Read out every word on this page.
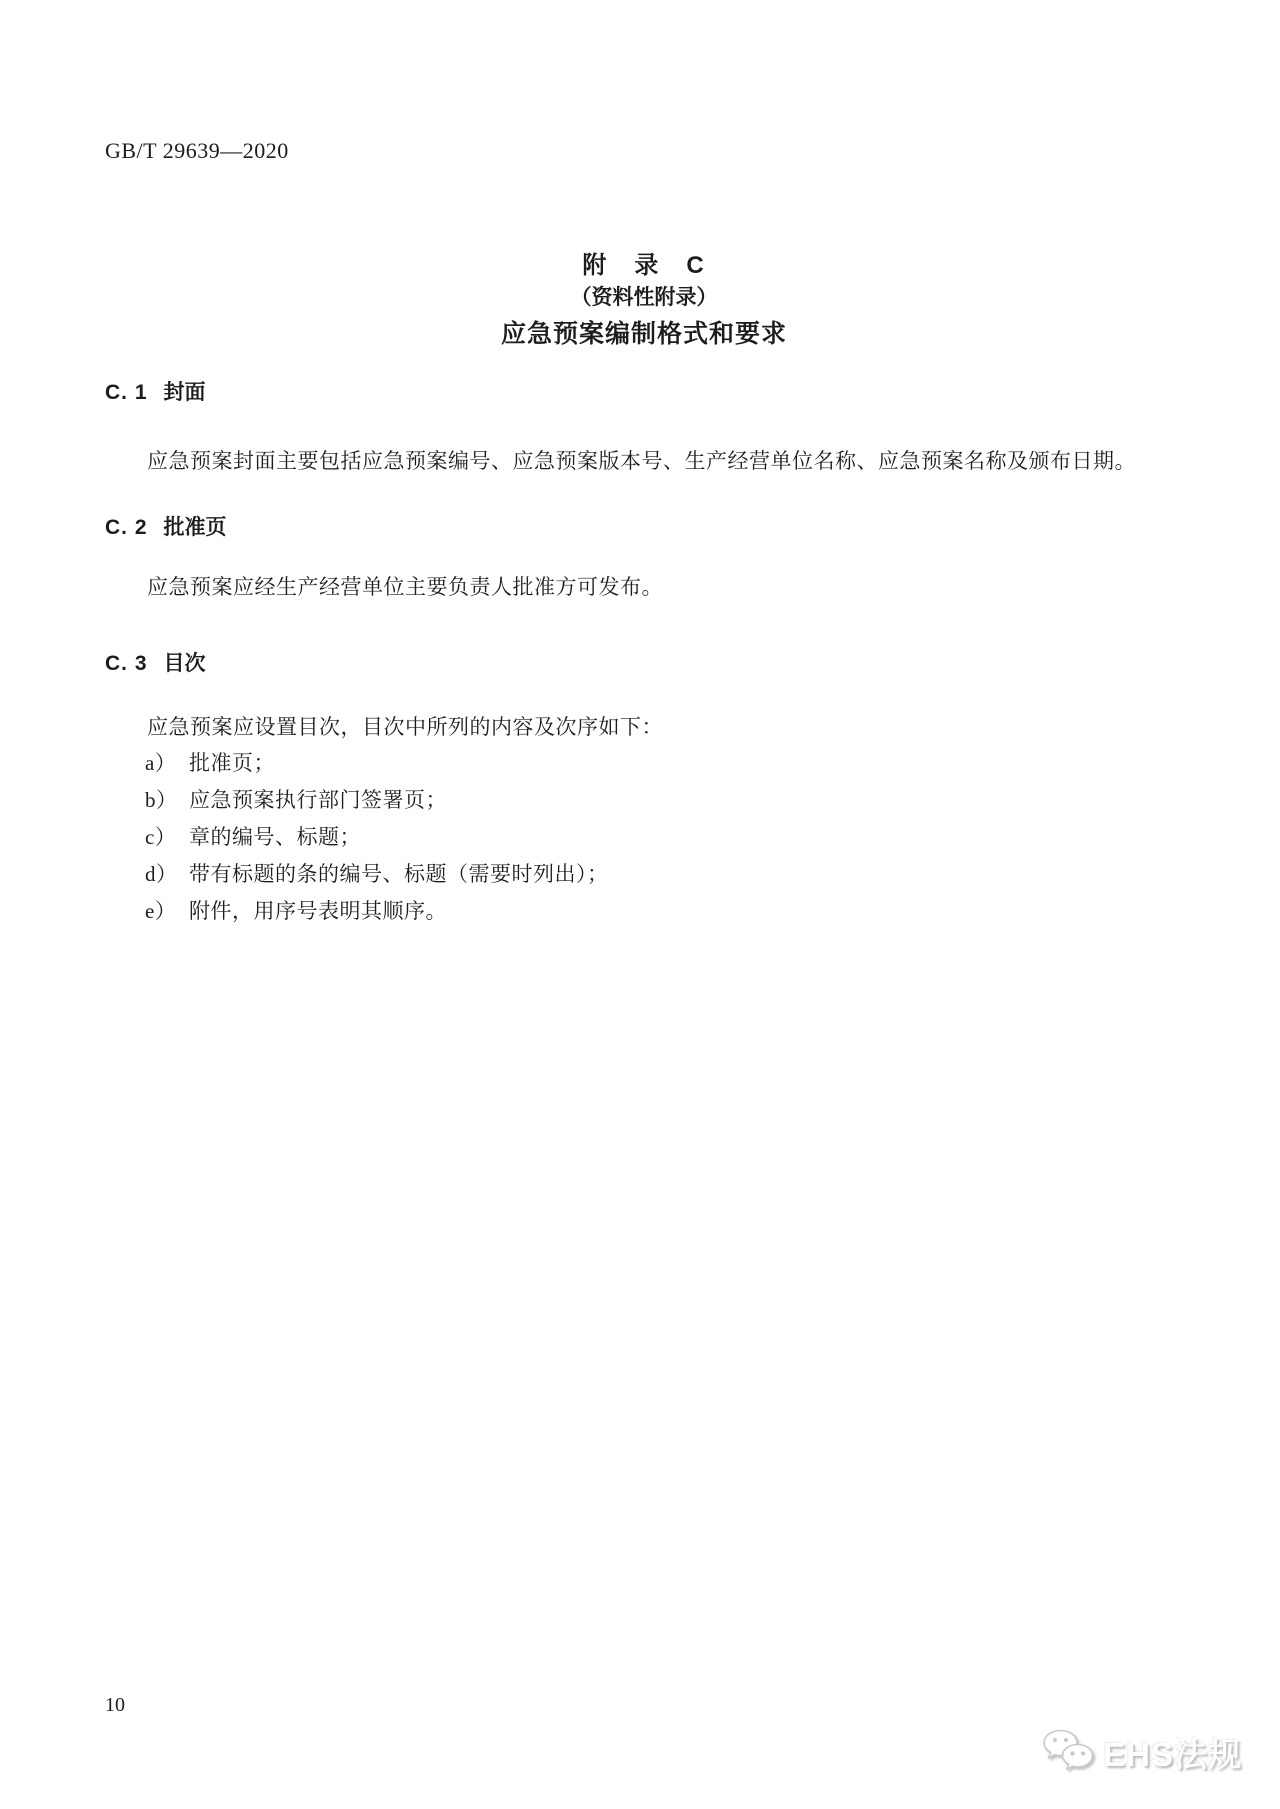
GB/T 29639—2020
附　录　C
（资料性附录）
应急预案编制格式和要求
C. 1 封面

应急预案封面主要包括应急预案编号、应急预案版本号、生产经营单位名称、应急预案名称及颁布日期。

C. 2 批准页

应急预案应经生产经营单位主要负责人批准方可发布。

C. 3 目次

应急预案应设置目次，目次中所列的内容及次序如下：

a） 批准页；
b） 应急预案执行部门签署页；
c） 章的编号、标题；
d） 带有标题的条的编号、标题（需要时列出）；
e） 附件，用序号表明其顺序。
10
EHS法规
